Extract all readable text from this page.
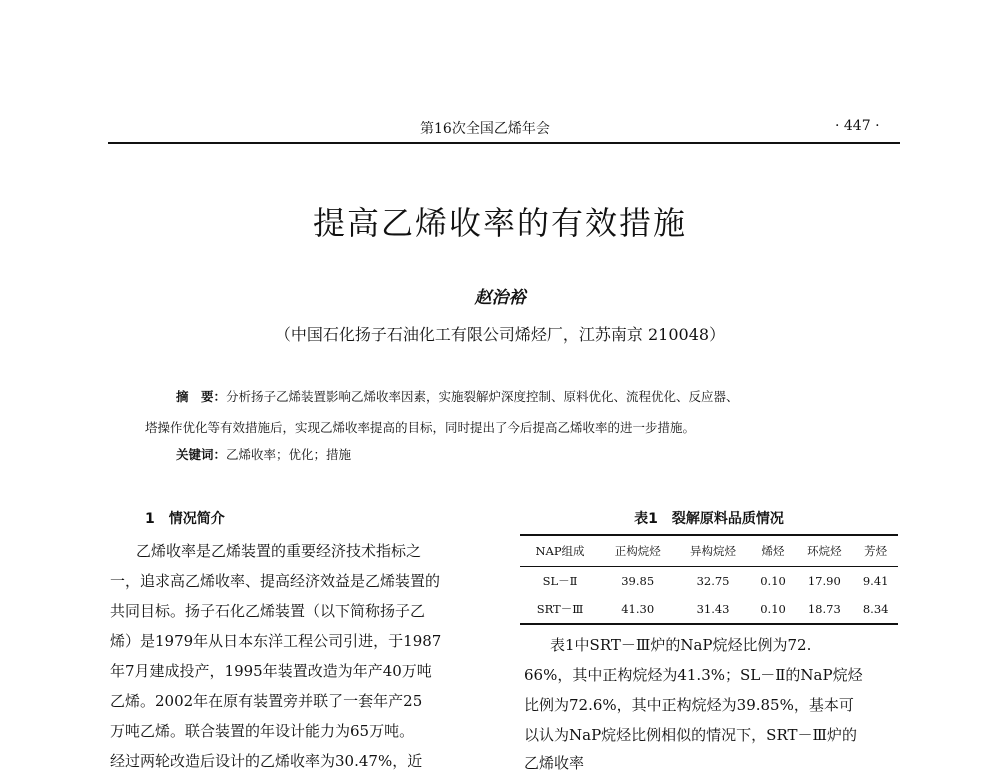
第16次全国乙烯年会	· 447 ·
提高乙烯收率的有效措施
赵治裕
（中国石化扬子石油化工有限公司烯烃厂，江苏南京 210048）
摘　要：分析扬子乙烯装置影响乙烯收率因素，实施裂解炉深度控制、原料优化、流程优化、反应器、
塔操作优化等有效措施后，实现乙烯收率提高的目标，同时提出了今后提高乙烯收率的进一步措施。
关键词：乙烯收率；优化；措施
1　情况简介
乙烯收率是乙烯装置的重要经济技术指标之
一，追求高乙烯收率、提高经济效益是乙烯装置的
共同目标。扬子石化乙烯装置（以下简称扬子乙
烯）是1979年从日本东洋工程公司引进，于1987
年7月建成投产，1995年装置改造为年产40万吨
乙烯。2002年在原有装置旁并联了一套年产25
万吨乙烯。联合装置的年设计能力为65万吨。
经过两轮改造后设计的乙烯收率为30.47%，近
表1　裂解原料品质情况
NAP组成	正构烷烃	异构烷烃	烯烃	环烷烃	芳烃
SL－Ⅱ	39.85	32.75	0.10	17.90	9.41
SRT－Ⅲ	41.30	31.43	0.10	18.73	8.34
表1中SRT－Ⅲ炉的NaP烷烃比例为72.
66%，其中正构烷烃为41.3%；SL－Ⅱ的NaP烷烃
比例为72.6%，其中正构烷烃为39.85%，基本可
以认为NaP烷烃比例相似的情况下，SRT－Ⅲ炉的
乙烯收率　　　　　　　　　　　　　　
